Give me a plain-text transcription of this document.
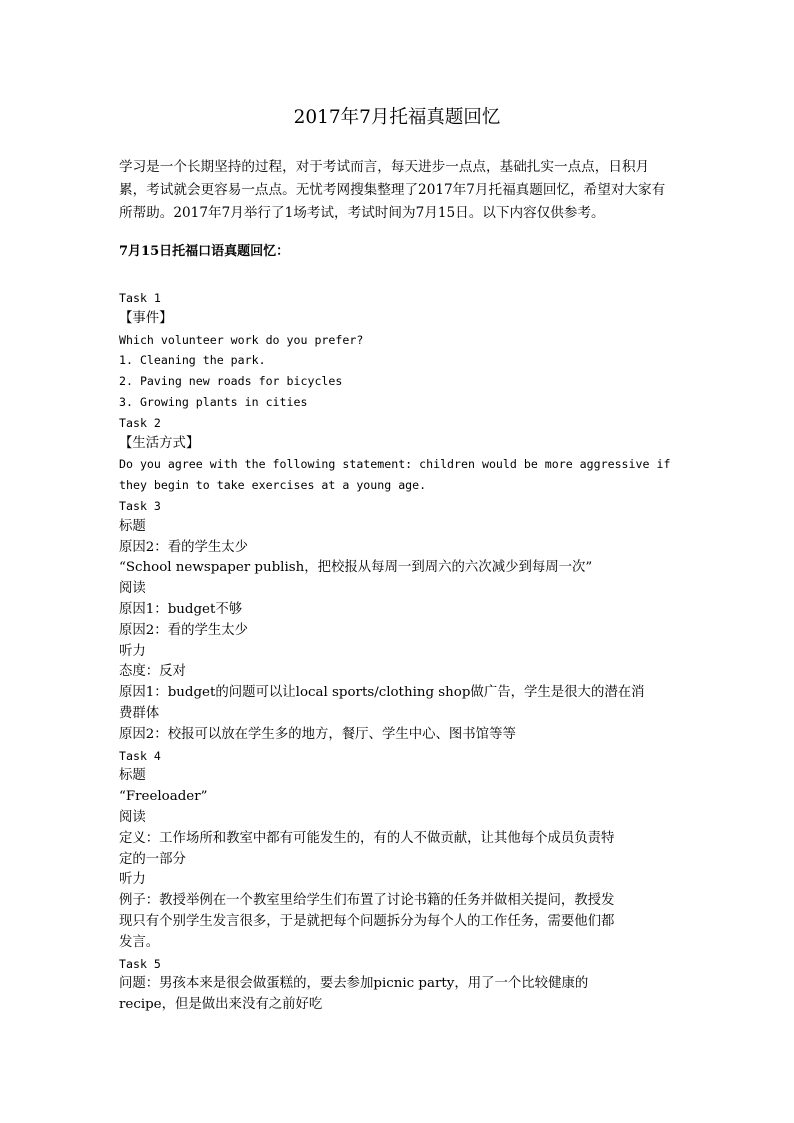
2017年7月托福真题回忆

学习是一个长期坚持的过程，对于考试而言，每天进步一点点，基础扎实一点点，日积月

累，考试就会更容易一点点。无忧考网搜集整理了2017年7月托福真题回忆，希望对大家有

所帮助。2017年7月举行了1场考试，考试时间为7月15日。以下内容仅供参考。

7月15日托福口语真题回忆：
Task 1
【事件】
Which volunteer work do you prefer?
1. Cleaning the park.
2. Paving new roads for bicycles
3. Growing plants in cities
Task 2
【生活方式】
Do you agree with the following statement: children would be more aggressive if
they begin to take exercises at a young age.
Task 3
标题
原因2：看的学生太少
“School newspaper publish，把校报从每周一到周六的六次减少到每周一次”
阅读
原因1：budget不够
原因2：看的学生太少
听力
态度：反对
原因1：budget的问题可以让local sports/clothing shop做广告，学生是很大的潜在消
费群体
原因2：校报可以放在学生多的地方，餐厅、学生中心、图书馆等等
Task 4
标题
“Freeloader”
阅读
定义：工作场所和教室中都有可能发生的，有的人不做贡献，让其他每个成员负责特
定的一部分
听力
例子：教授举例在一个教室里给学生们布置了讨论书籍的任务并做相关提问，教授发
现只有个别学生发言很多，于是就把每个问题拆分为每个人的工作任务，需要他们都
发言。
Task 5
问题：男孩本来是很会做蛋糕的，要去参加picnic party，用了一个比较健康的
recipe，但是做出来没有之前好吃
